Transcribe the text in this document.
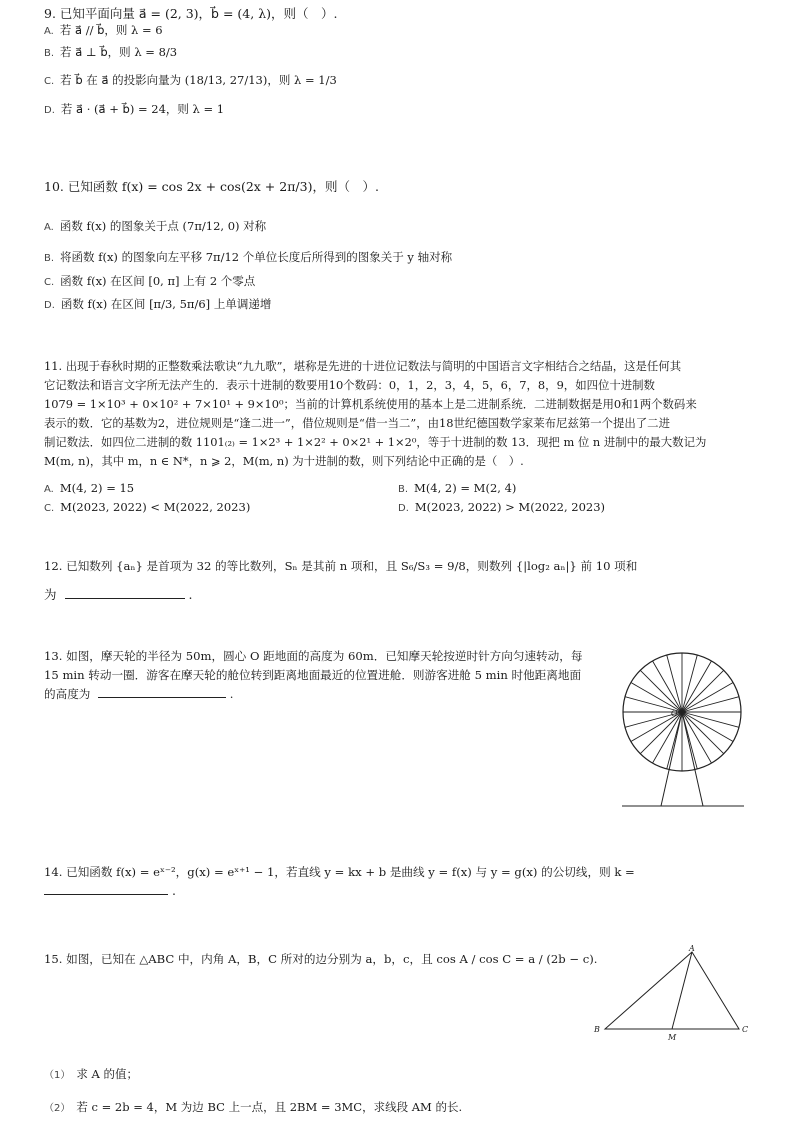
9. 已知平面向量 a⃗ = (2, 3)，b⃗ = (4, λ)，则（　）.
A. 若 a⃗ // b⃗，则 λ = 6
B. 若 a⃗ ⊥ b⃗，则 λ = 8/3
C. 若 b⃗ 在 a⃗ 的投影向量为 (18/13, 27/13)，则 λ = 1/3
D. 若 a⃗ · (a⃗ + b⃗) = 24，则 λ = 1
10. 已知函数 f(x) = cos 2x + cos(2x + 2π/3)，则（　）.
A. 函数 f(x) 的图象关于点 (7π/12, 0) 对称
B. 将函数 f(x) 的图象向左平移 7π/12 个单位长度后所得到的图象关于 y 轴对称
C. 函数 f(x) 在区间 [0, π] 上有 2 个零点
D. 函数 f(x) 在区间 [π/3, 5π/6] 上单调递增
11. 出现于春秋时期的正整数乘法歌诀“九九歌”，堪称是先进的十进位记数法与简明的中国语言文字相结合之结晶，这是任何其
它记数法和语言文字所无法产生的．表示十进制的数要用10个数码：0，1，2，3，4，5，6，7，8，9，如四位十进制数
1079 = 1×10³ + 0×10² + 7×10¹ + 9×10⁰；当前的计算机系统使用的基本上是二进制系统．二进制数据是用0和1两个数码来
表示的数．它的基数为2，进位规则是“逢二进一”，借位规则是“借一当二”，由18世纪德国数学家莱布尼兹第一个提出了二进
制记数法．如四位二进制的数 1101₍₂₎ = 1×2³ + 1×2² + 0×2¹ + 1×2⁰，等于十进制的数 13．现把 m 位 n 进制中的最大数记为
M(m, n)，其中 m，n ∈ N*，n ⩾ 2，M(m, n) 为十进制的数，则下列结论中正确的是（　）.
A. M(4, 2) = 15	B. M(4, 2) = M(2, 4)
C. M(2023, 2022) < M(2022, 2023)	D. M(2023, 2022) > M(2022, 2023)
12. 已知数列 {aₙ} 是首项为 32 的等比数列，Sₙ 是其前 n 项和，且 S₆/S₃ = 9/8，则数列 {|log₂ aₙ|} 前 10 项和
为	.
13. 如图，摩天轮的半径为 50m，圆心 O 距地面的高度为 60m．已知摩天轮按逆时针方向匀速转动，每
15 min 转动一圈．游客在摩天轮的舱位转到距离地面最近的位置进舱．则游客进舱 5 min 时他距离地面
的高度为	.
O
14. 已知函数 f(x) = eˣ⁻²，g(x) = eˣ⁺¹ − 1，若直线 y = kx + b 是曲线 y = f(x) 与 y = g(x) 的公切线，则 k =
.
15. 如图，已知在 △ABC 中，内角 A，B，C 所对的边分别为 a，b，c，且 cos A / cos C = a / (2b − c).
A
B	C
M
（1） 求 A 的值；
（2） 若 c = 2b = 4，M 为边 BC 上一点，且 2BM = 3MC，求线段 AM 的长.
